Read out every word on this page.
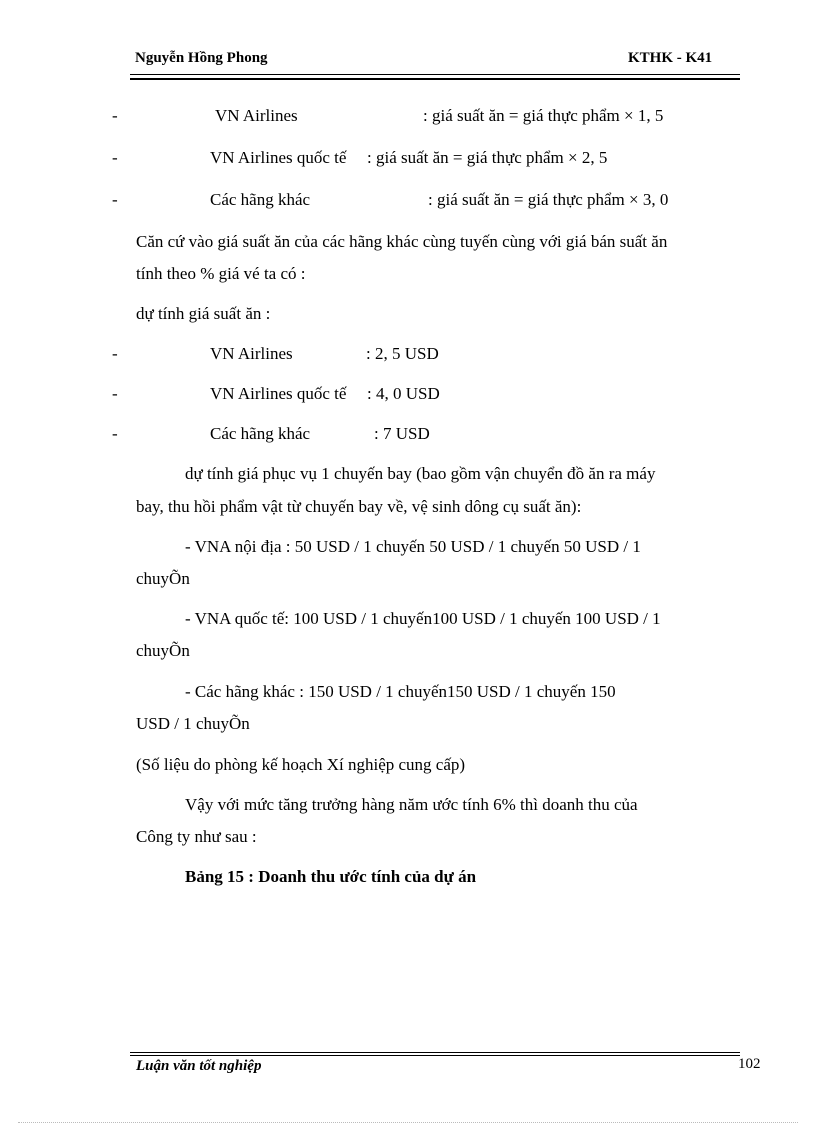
Nguyễn Hồng Phong	KTHK - K41
-	VN Airlines	: giá suất ăn = giá thực phẩm × 1, 5
-	VN Airlines quốc tế : giá suất ăn = giá thực phẩm × 2, 5
-	Các hãng khác	: giá suất ăn = giá thực phẩm × 3, 0
Căn cứ vào giá suất ăn của các hãng khác cùng tuyến cùng với giá bán suất ăn
tính theo % giá vé ta có :
dự tính giá suất ăn :
-	VN Airlines	: 2, 5 USD
-	VN Airlines quốc tế : 4, 0 USD
-	Các hãng khác	: 7 USD
dự tính giá phục vụ 1 chuyến bay (bao gồm vận chuyển đồ ăn ra máy
bay, thu hồi phẩm vật từ chuyến bay về, vệ sinh dông cụ suất ăn):
- VNA nội địa : 50 USD / 1 chuyến 50 USD / 1 chuyến 50 USD / 1
chuyÕn
- VNA quốc tế: 100 USD / 1 chuyến100 USD / 1 chuyến 100 USD / 1
chuyÕn
- Các hãng khác : 150 USD / 1 chuyến150 USD / 1 chuyến 150
USD / 1 chuyÕn
(Số liệu do phòng kế hoạch Xí nghiệp cung cấp)
Vậy với mức tăng trưởng hàng năm ước tính 6% thì doanh thu của
Công ty như sau :
Bảng 15 : Doanh thu ước tính của dự án
Luận văn tốt nghiệp	102
